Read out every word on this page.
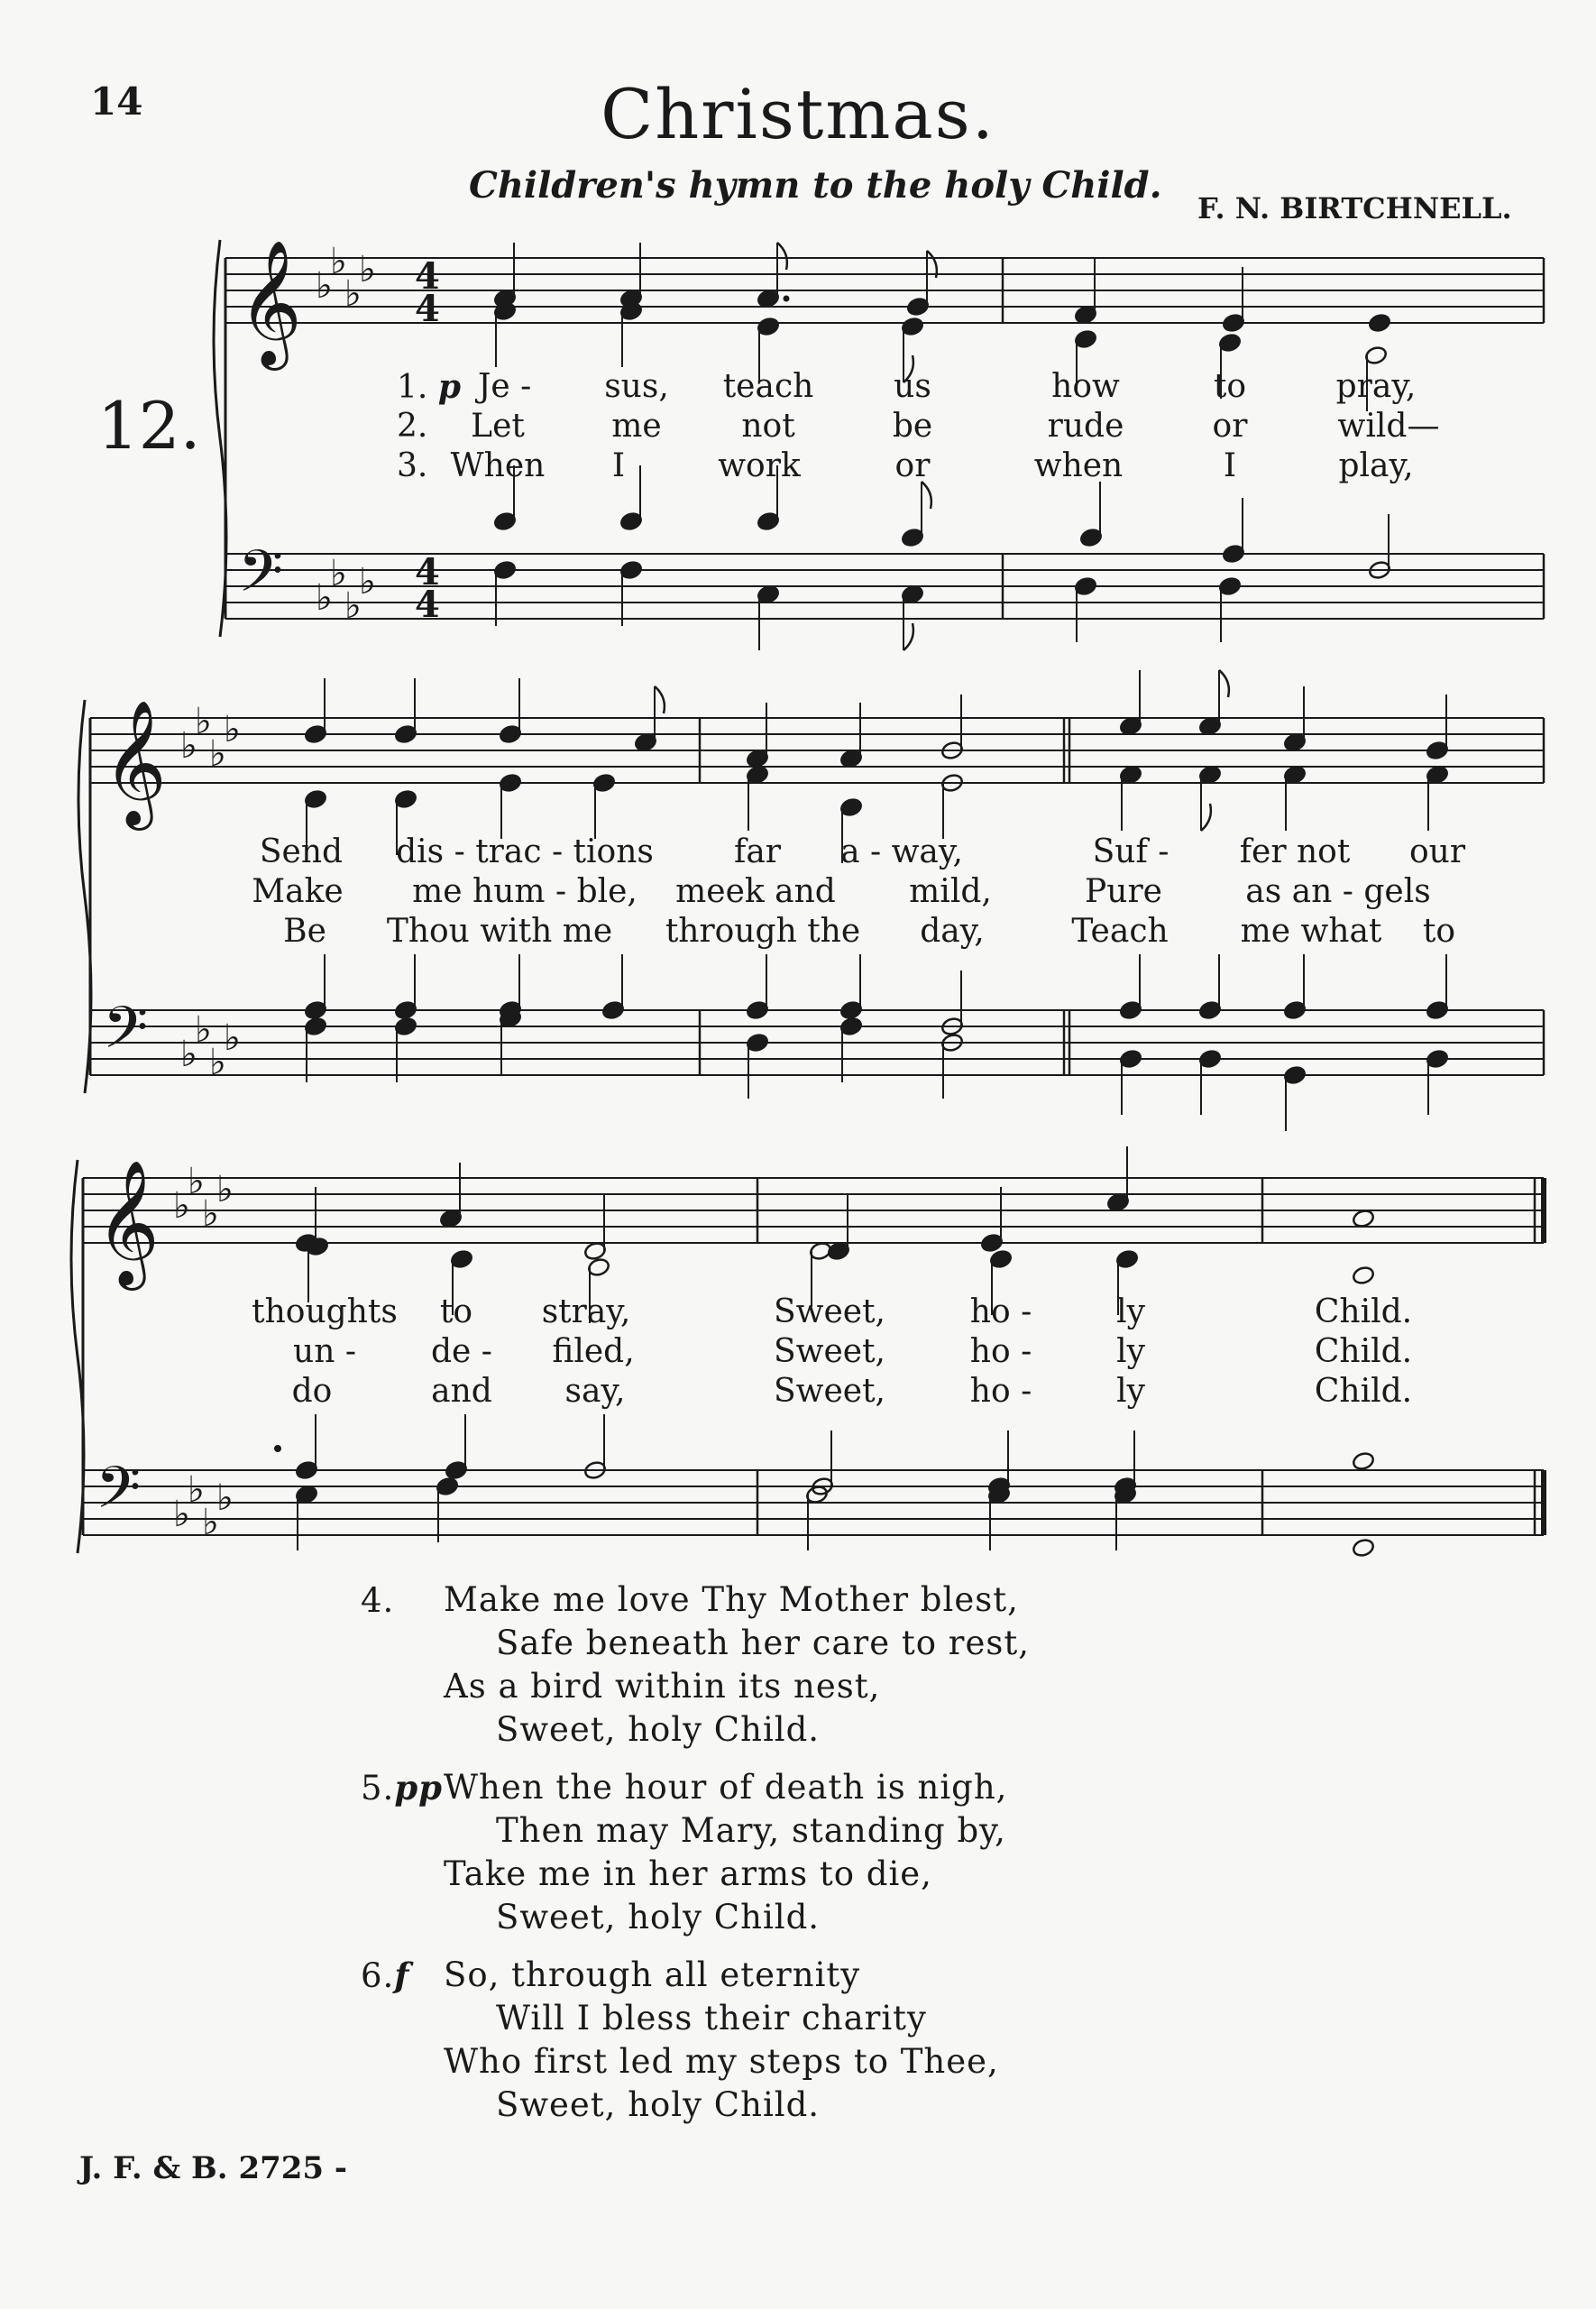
14	Christmas.
Children's hymn to the holy Child.
F. N. BIRTCHNELL.
12.
𝄞
𝄢
♭
♭
♭
♭
♭
♭
♭
♭
4
4
4
4
𝄞
𝄢
♭
♭
♭
♭
♭
♭
♭
♭
𝄞
𝄢
♭
♭
♭
♭
♭
♭
♭
♭
1. p Je - sus, teach us	how	to	pray,
2. Let	me not	be	rude	or	wild—
3. When I	work	or	when	I	play,
Send dis - trac - tions far a - way,	Suf - fer not our
Make me hum - ble, meek and mild,	Pure	as an - gels
Be Thou with me through the day,	Teach me what to
thoughts to stray,	Sweet,	ho -	ly	Child.
un - de - filed,	Sweet,	ho -	ly	Child.
do	and say,	Sweet,	ho -	ly	Child.
4.	Make me love Thy Mother blest,
Safe beneath her care to rest,
As a bird within its nest,
Sweet, holy Child.
5.pp When the hour of death is nigh,
Then may Mary, standing by,
Take me in her arms to die,
Sweet, holy Child.
6.f	So, through all eternity
Will I bless their charity
Who first led my steps to Thee,
Sweet, holy Child.
J. F. & B. 2725 -
